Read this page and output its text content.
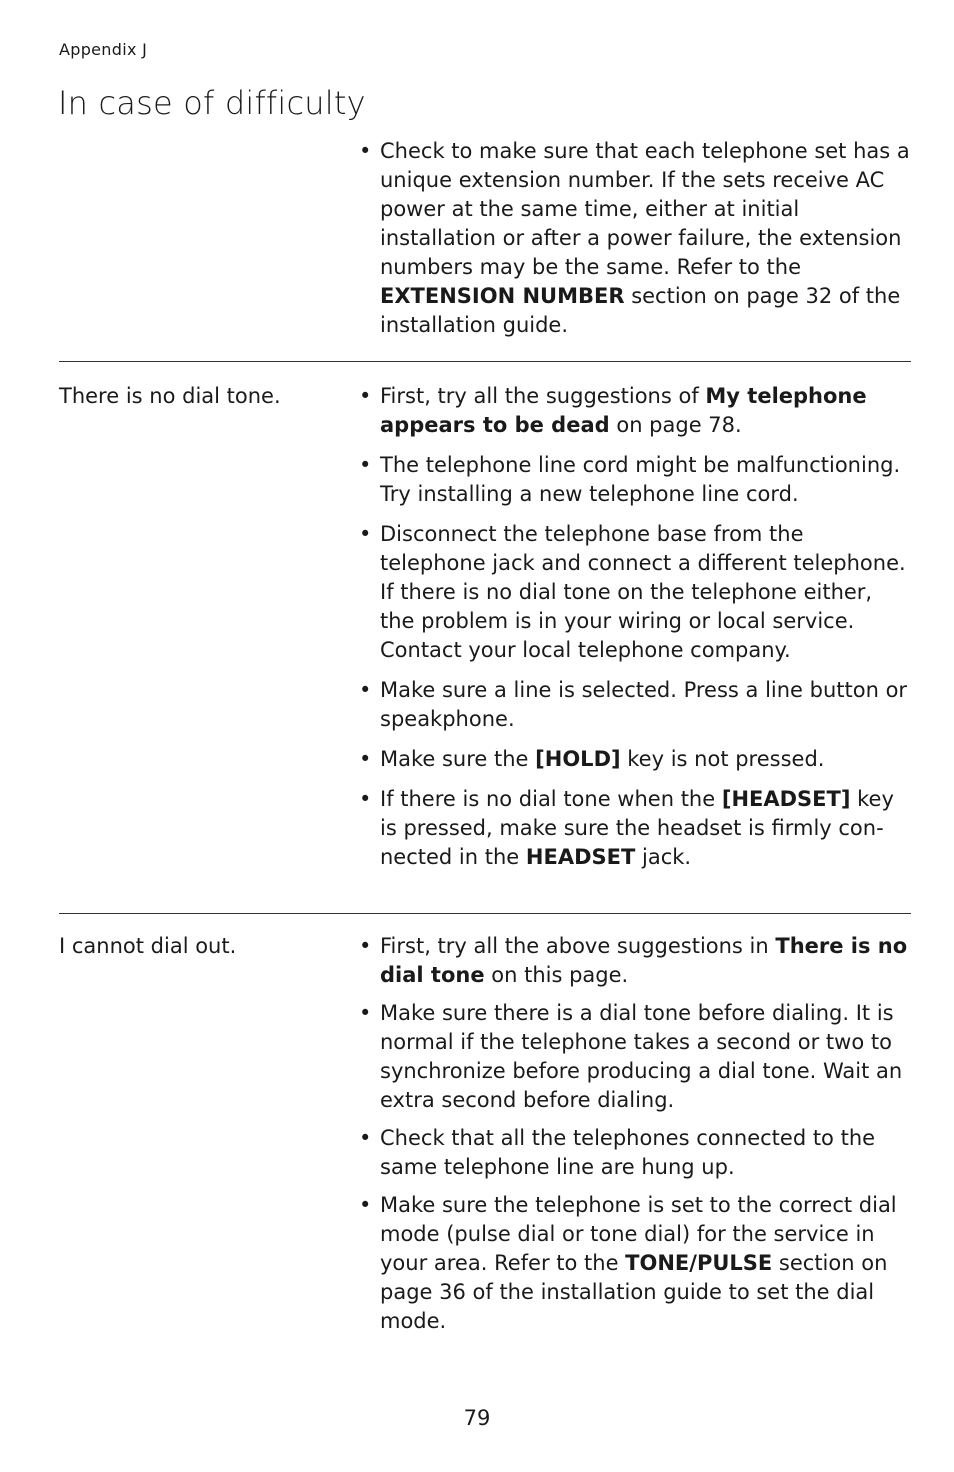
Appendix J
In case of difficulty
• Check to make sure that each telephone set has a unique extension number. If the sets receive AC power at the same time, either at initial installation or after a power failure, the extension numbers may be the same. Refer to the EXTENSION NUMBER section on page 32 of the installation guide.
There is no dial tone.	• First, try all the suggestions of My telephone appears to be dead on page 78.
• The telephone line cord might be malfunctioning. Try installing a new telephone line cord.
• Disconnect the telephone base from the telephone jack and connect a different telephone. If there is no dial tone on the telephone either, the problem is in your wiring or local service. Contact your local telephone company.
• Make sure a line is selected. Press a line button or speakphone.
• Make sure the [HOLD] key is not pressed.
• If there is no dial tone when the [HEADSET] key is pressed, make sure the headset is firmly con-nected in the HEADSET jack.
I cannot dial out.	• First, try all the above suggestions in There is no dial tone on this page.
• Make sure there is a dial tone before dialing. It is normal if the telephone takes a second or two to synchronize before producing a dial tone. Wait an extra second before dialing.
• Check that all the telephones connected to the same telephone line are hung up.
• Make sure the telephone is set to the correct dial mode (pulse dial or tone dial) for the service in your area. Refer to the TONE/PULSE section on page 36 of the installation guide to set the dial mode.
79
